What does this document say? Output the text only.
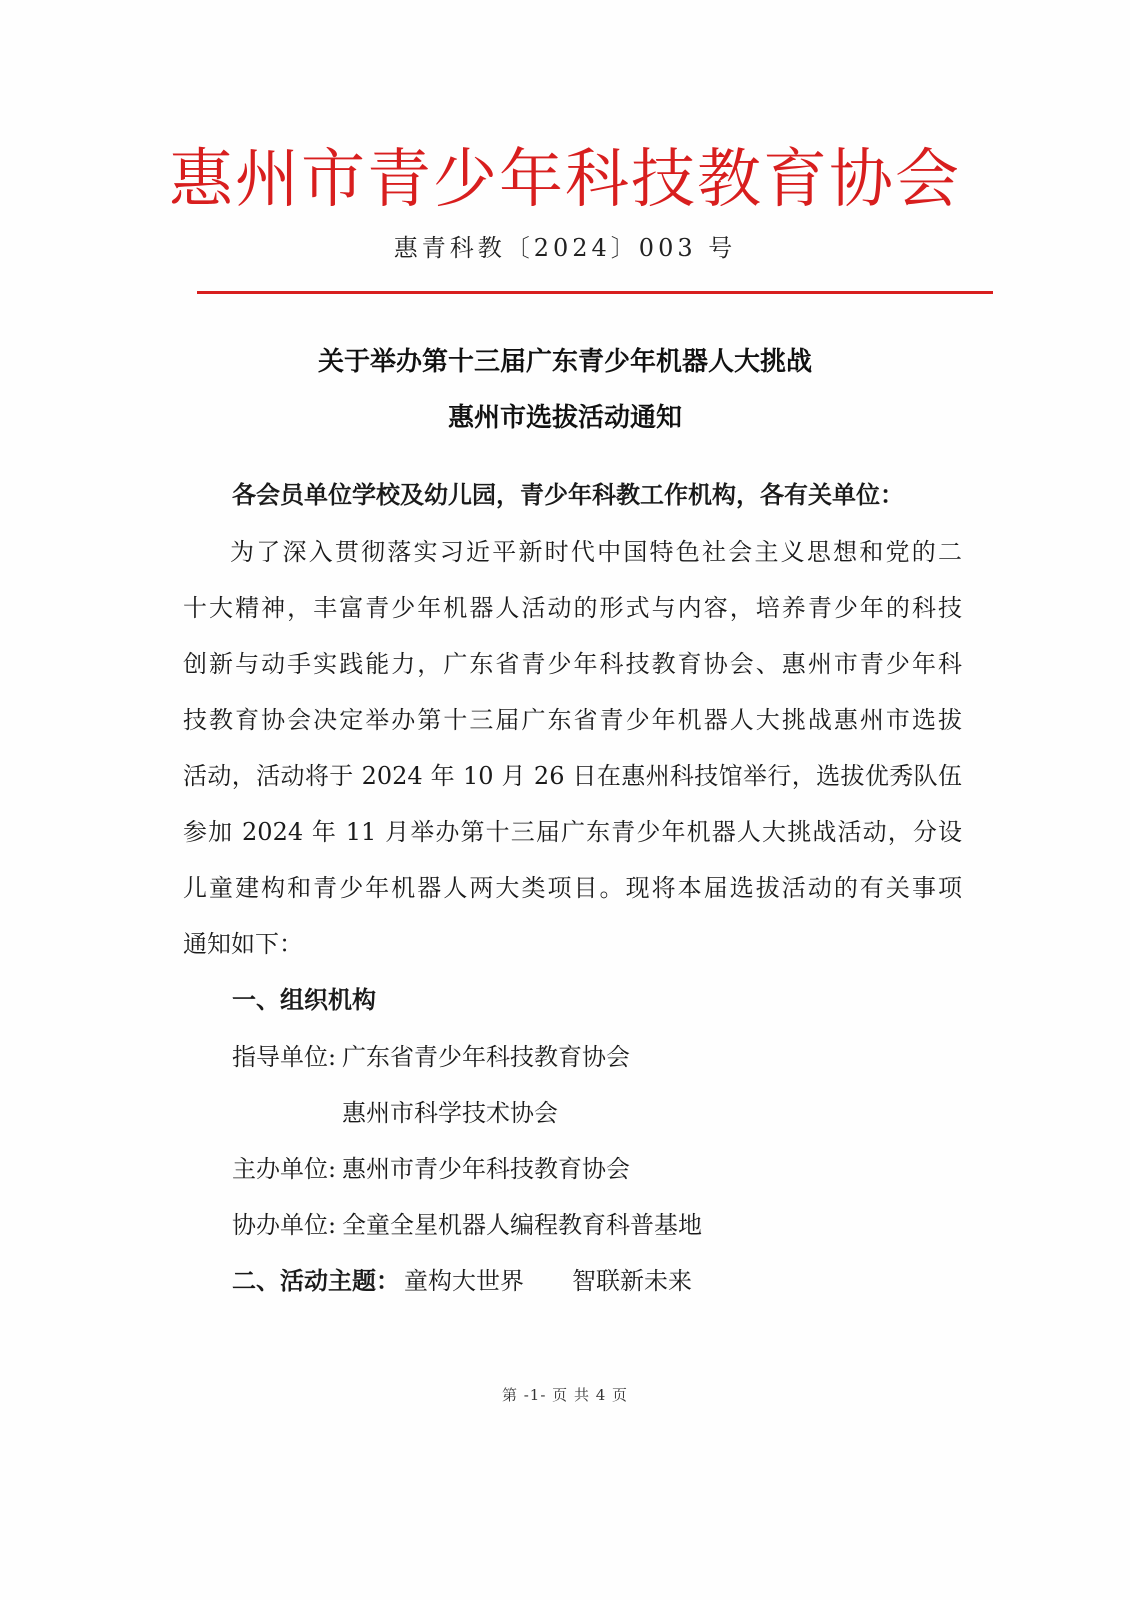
惠州市青少年科技教育协会
惠青科教〔2024〕003 号
关于举办第十三届广东青少年机器人大挑战
惠州市选拔活动通知
各会员单位学校及幼儿园，青少年科教工作机构，各有关单位：
为了深入贯彻落实习近平新时代中国特色社会主义思想和党的二
十大精神，丰富青少年机器人活动的形式与内容，培养青少年的科技
创新与动手实践能力，广东省青少年科技教育协会、惠州市青少年科
技教育协会决定举办第十三届广东省青少年机器人大挑战惠州市选拔
活动，活动将于 2024 年 10 月 26 日在惠州科技馆举行，选拔优秀队伍
参加 2024 年 11 月举办第十三届广东青少年机器人大挑战活动，分设
儿童建构和青少年机器人两大类项目。现将本届选拔活动的有关事项
通知如下：
一、组织机构
指导单位: 广东省青少年科技教育协会
惠州市科学技术协会
主办单位: 惠州市青少年科技教育协会
协办单位: 全童全星机器人编程教育科普基地
二、活动主题： 童构大世界　　智联新未来
第 -1- 页 共 4 页
